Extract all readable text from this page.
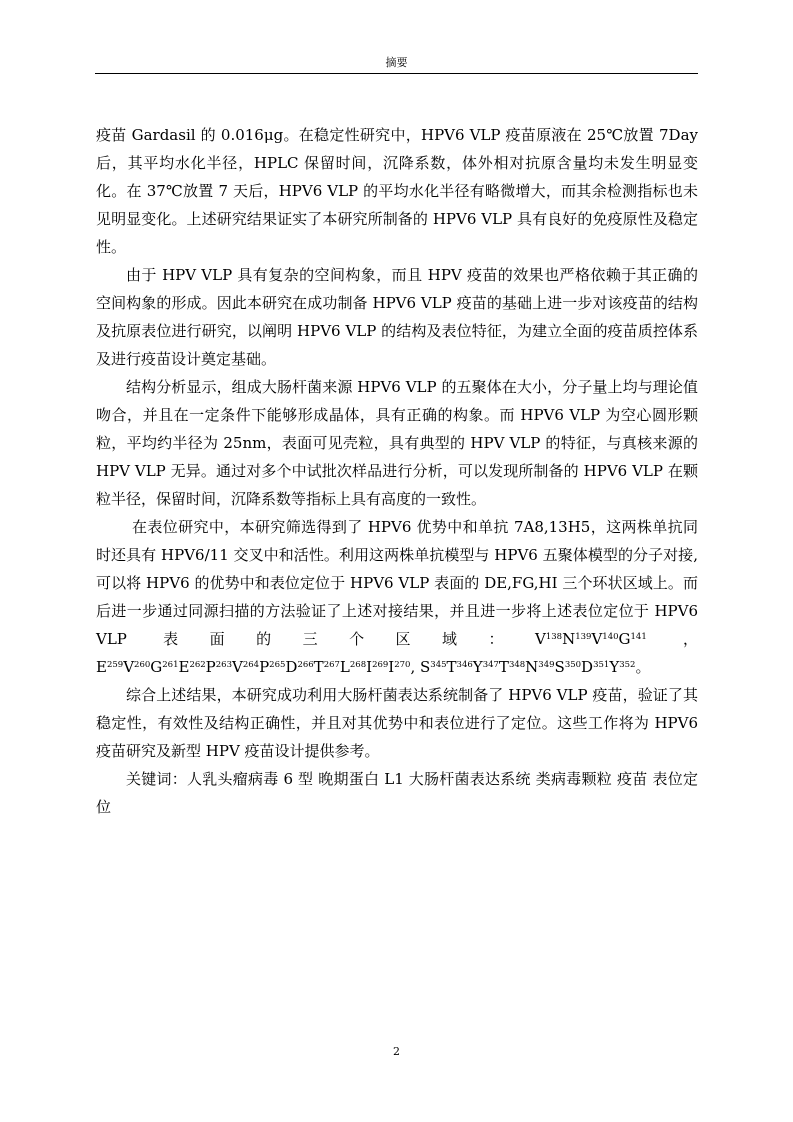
摘要

疫苗 Gardasil 的 0.016μg。在稳定性研究中，HPV6 VLP 疫苗原液在 25℃放置 7Day 后，其平均水化半径，HPLC 保留时间，沉降系数，体外相对抗原含量均未发生明显变化。在 37℃放置 7 天后，HPV6 VLP 的平均水化半径有略微增大，而其余检测指标也未见明显变化。上述研究结果证实了本研究所制备的 HPV6 VLP 具有良好的免疫原性及稳定性。

由于 HPV VLP 具有复杂的空间构象，而且 HPV 疫苗的效果也严格依赖于其正确的空间构象的形成。因此本研究在成功制备 HPV6 VLP 疫苗的基础上进一步对该疫苗的结构及抗原表位进行研究，以阐明 HPV6 VLP 的结构及表位特征，为建立全面的疫苗质控体系及进行疫苗设计奠定基础。

结构分析显示，组成大肠杆菌来源 HPV6 VLP 的五聚体在大小，分子量上均与理论值吻合，并且在一定条件下能够形成晶体，具有正确的构象。而 HPV6 VLP 为空心圆形颗粒，平均约半径为 25nm，表面可见壳粒，具有典型的 HPV VLP 的特征，与真核来源的 HPV VLP 无异。通过对多个中试批次样品进行分析，可以发现所制备的 HPV6 VLP 在颗粒半径，保留时间，沉降系数等指标上具有高度的一致性。

在表位研究中，本研究筛选得到了 HPV6 优势中和单抗 7A8,13H5，这两株单抗同时还具有 HPV6/11 交叉中和活性。利用这两株单抗模型与 HPV6 五聚体模型的分子对接,可以将 HPV6 的优势中和表位定位于 HPV6 VLP 表面的 DE,FG,HI 三个环状区域上。而后进一步通过同源扫描的方法验证了上述对接结果，并且进一步将上述表位定位于 HPV6 VLP 表面的三个区域：$V^{138}N^{139}V^{140}G^{141}$ ， $E^{259}V^{260}G^{261}E^{262}P^{263}V^{264}P^{265}D^{266}T^{267}L^{268}I^{269}I^{270}$, $S^{345}T^{346}Y^{347}T^{348}N^{349}S^{350}D^{351}Y^{352}$。

综合上述结果，本研究成功利用大肠杆菌表达系统制备了 HPV6 VLP 疫苗，验证了其稳定性，有效性及结构正确性，并且对其优势中和表位进行了定位。这些工作将为 HPV6 疫苗研究及新型 HPV 疫苗设计提供参考。

关键词：人乳头瘤病毒 6 型 晚期蛋白 L1 大肠杆菌表达系统 类病毒颗粒 疫苗 表位定位

2
